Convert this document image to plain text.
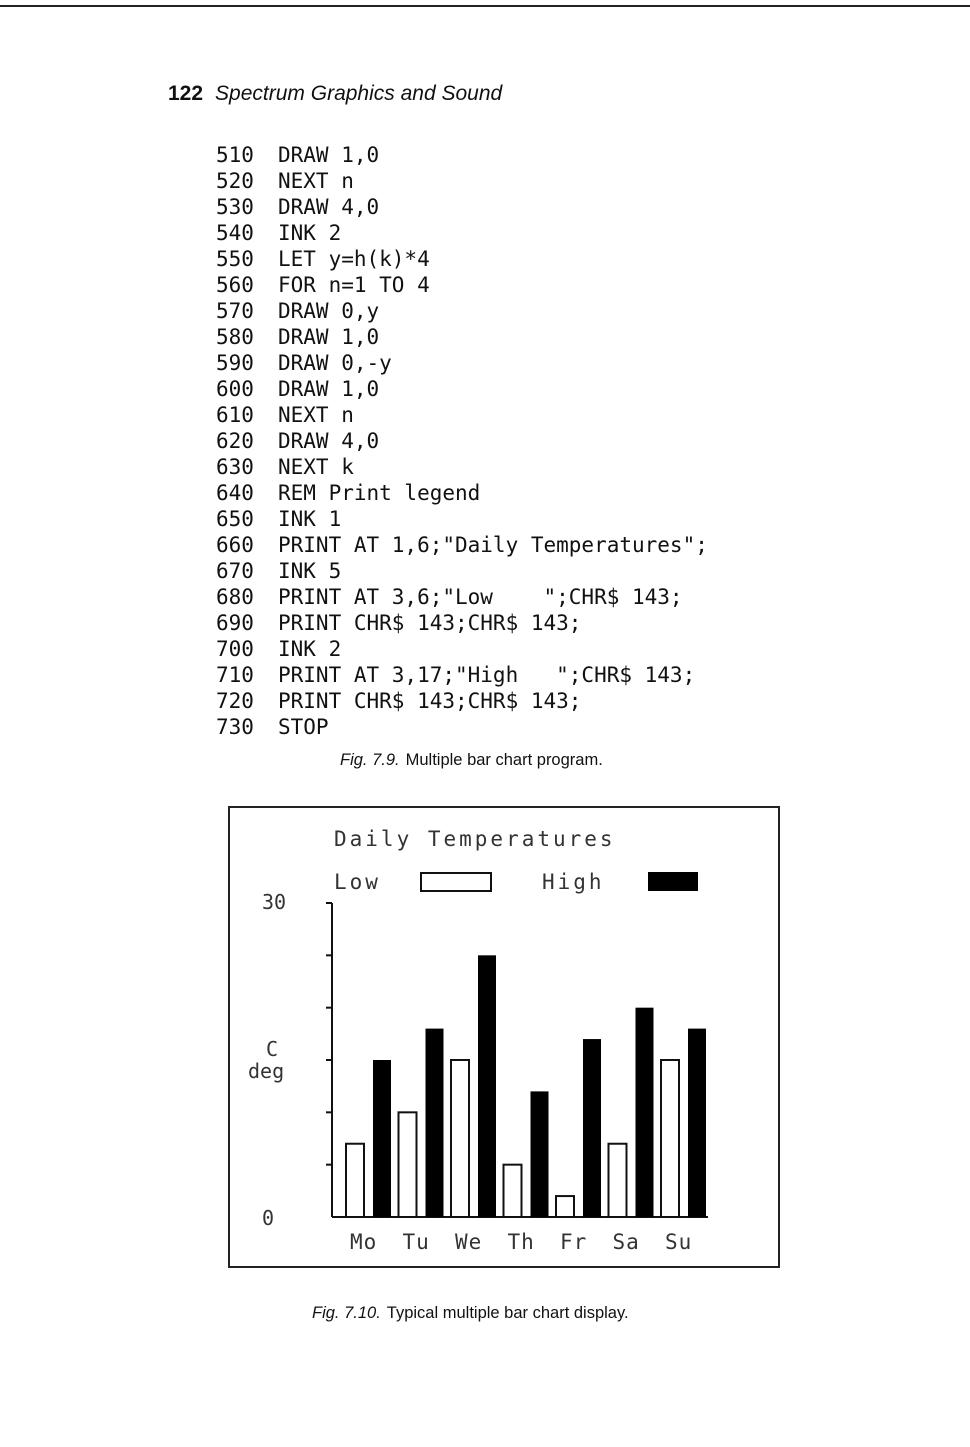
122 Spectrum Graphics and Sound
510 DRAW 1,0
520 NEXT n
530 DRAW 4,0
540 INK 2
550 LET y=h(k)*4
560 FOR n=1 TO 4
570 DRAW 0,y
580 DRAW 1,0
590 DRAW 0,-y
600 DRAW 1,0
610 NEXT n
620 DRAW 4,0
630 NEXT k
640 REM Print legend
650 INK 1
660 PRINT AT 1,6;"Daily Temperatures";
670 INK 5
680 PRINT AT 3,6;"Low    ";CHR$ 143;
690 PRINT CHR$ 143;CHR$ 143;
700 INK 2
710 PRINT AT 3,17;"High   ";CHR$ 143;
720 PRINT CHR$ 143;CHR$ 143;
730 STOP
Fig. 7.9. Multiple bar chart program.
Daily Temperatures
Low	High
30
C
deg
0
Mo Tu We Th Fr Sa Su
Fig. 7.10. Typical multiple bar chart display.
